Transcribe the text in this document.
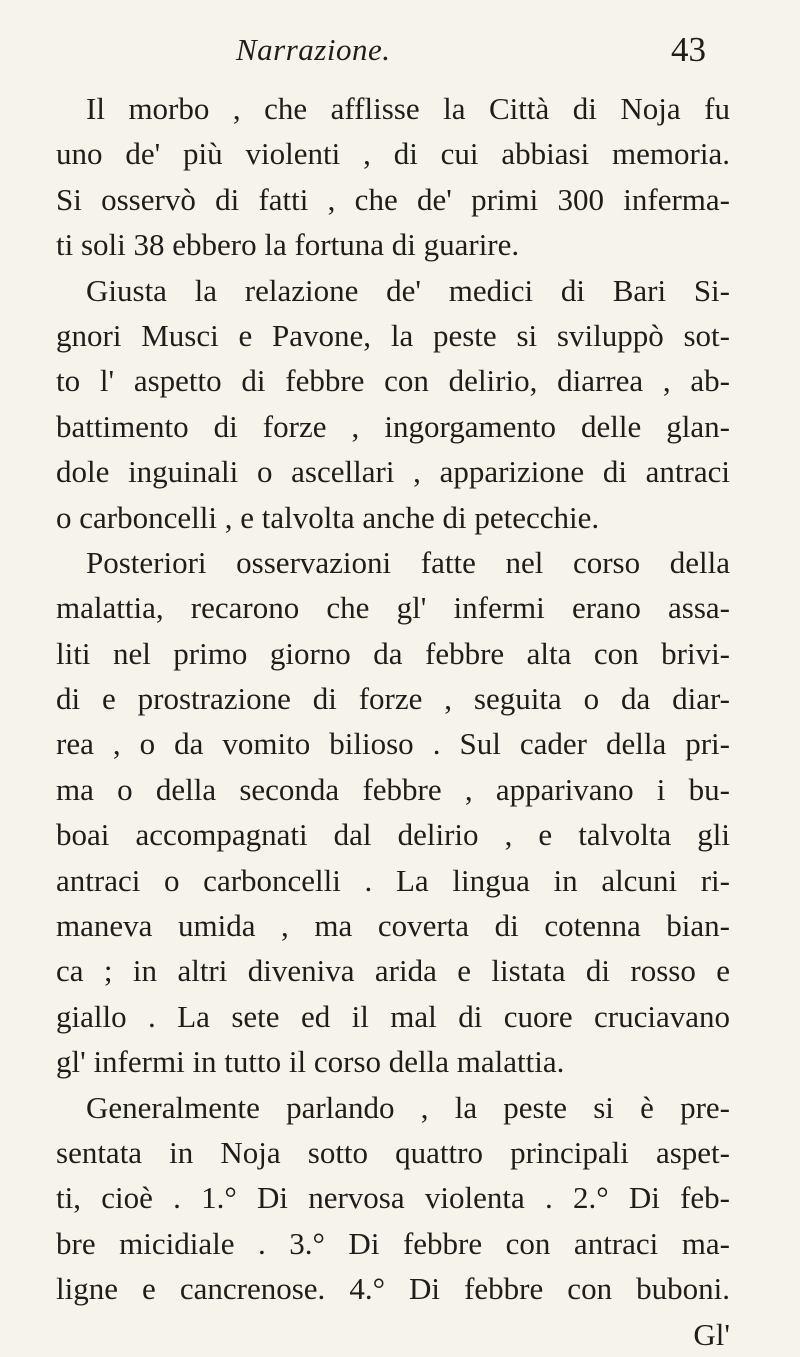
Narrazione.	43
Il morbo , che afflisse la Città di Noja fu
uno de' più violenti , di cui abbiasi memoria.
Si osservò di fatti , che de' primi 300 inferma-
ti soli 38 ebbero la fortuna di guarire.
Giusta la relazione de' medici di Bari Si-
gnori Musci e Pavone, la peste si sviluppò sot-
to l' aspetto di febbre con delirio, diarrea , ab-
battimento di forze , ingorgamento delle glan-
dole inguinali o ascellari , apparizione di antraci
o carboncelli , e talvolta anche di petecchie.
Posteriori osservazioni fatte nel corso della
malattia, recarono che gl' infermi erano assa-
liti nel primo giorno da febbre alta con brivi-
di e prostrazione di forze , seguita o da diar-
rea , o da vomito bilioso . Sul cader della pri-
ma o della seconda febbre , apparivano i bu-
boai accompagnati dal delirio , e talvolta gli
antraci o carboncelli . La lingua in alcuni ri-
maneva umida , ma coverta di cotenna bian-
ca ; in altri diveniva arida e listata di rosso e
giallo . La sete ed il mal di cuore cruciavano
gl' infermi in tutto il corso della malattia.
Generalmente parlando , la peste si è pre-
sentata in Noja sotto quattro principali aspet-
ti, cioè . 1.° Di nervosa violenta . 2.° Di feb-
bre micidiale . 3.° Di febbre con antraci ma-
ligne e cancrenose. 4.° Di febbre con buboni.
Gl'
